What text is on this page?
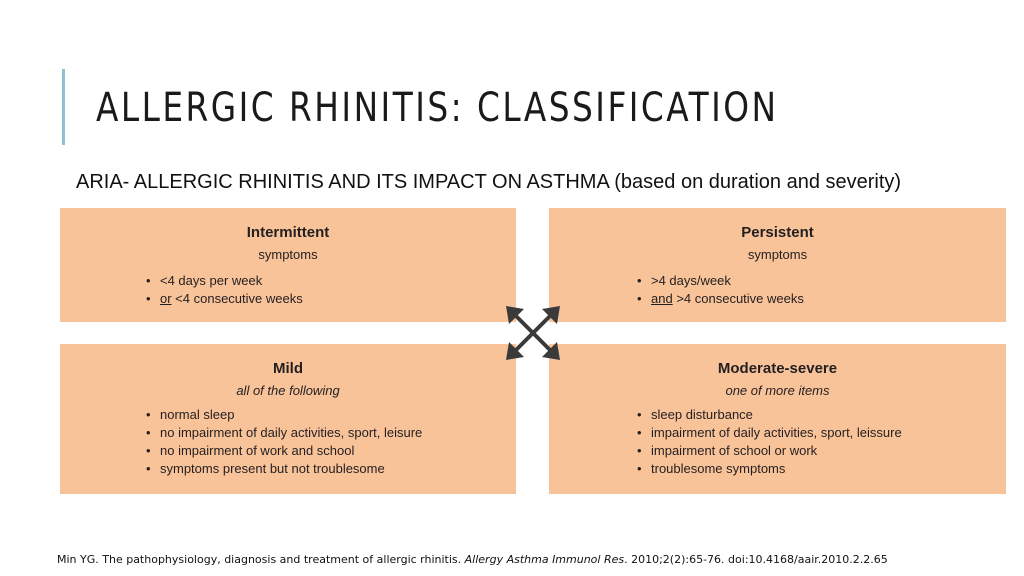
ALLERGIC RHINITIS: CLASSIFICATION
ARIA- ALLERGIC RHINITIS AND ITS IMPACT ON ASTHMA (based on duration and severity)
Intermittent
symptoms
• <4 days per week
• or <4 consecutive weeks
Persistent
symptoms
• >4 days/week
• and >4 consecutive weeks
Mild
all of the following
• normal sleep
• no impairment of daily activities, sport, leisure
• no impairment of work and school
• symptoms present but not troublesome
Moderate-severe
one of more items
• sleep disturbance
• impairment of daily activities, sport, leissure
• impairment of school or work
• troublesome symptoms
Min YG. The pathophysiology, diagnosis and treatment of allergic rhinitis. Allergy Asthma Immunol Res. 2010;2(2):65-76. doi:10.4168/aair.2010.2.2.65
